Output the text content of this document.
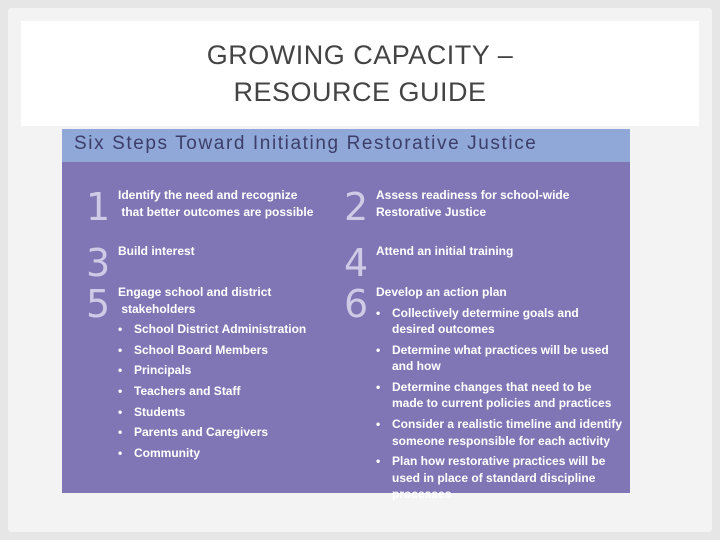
GROWING CAPACITY –
RESOURCE GUIDE
Six Steps Toward Initiating Restorative Justice
1 Identify the need and recognize
that better outcomes are possible 2 Assess readiness for school-wide
Restorative Justice
3 Build interest	4 Attend an initial training
5 Engage school and district
stakeholders
• School District Administration
• School Board Members
• Principals
• Teachers and Staff
• Students
• Parents and Caregivers
• Community
6 Develop an action plan
• Collectively determine goals and desired outcomes
• Determine what practices will be used and how
• Determine changes that need to be made to current policies and practices
• Consider a realistic timeline and identify someone responsible for each activity
• Plan how restorative practices will be used in place of standard discipline processes
